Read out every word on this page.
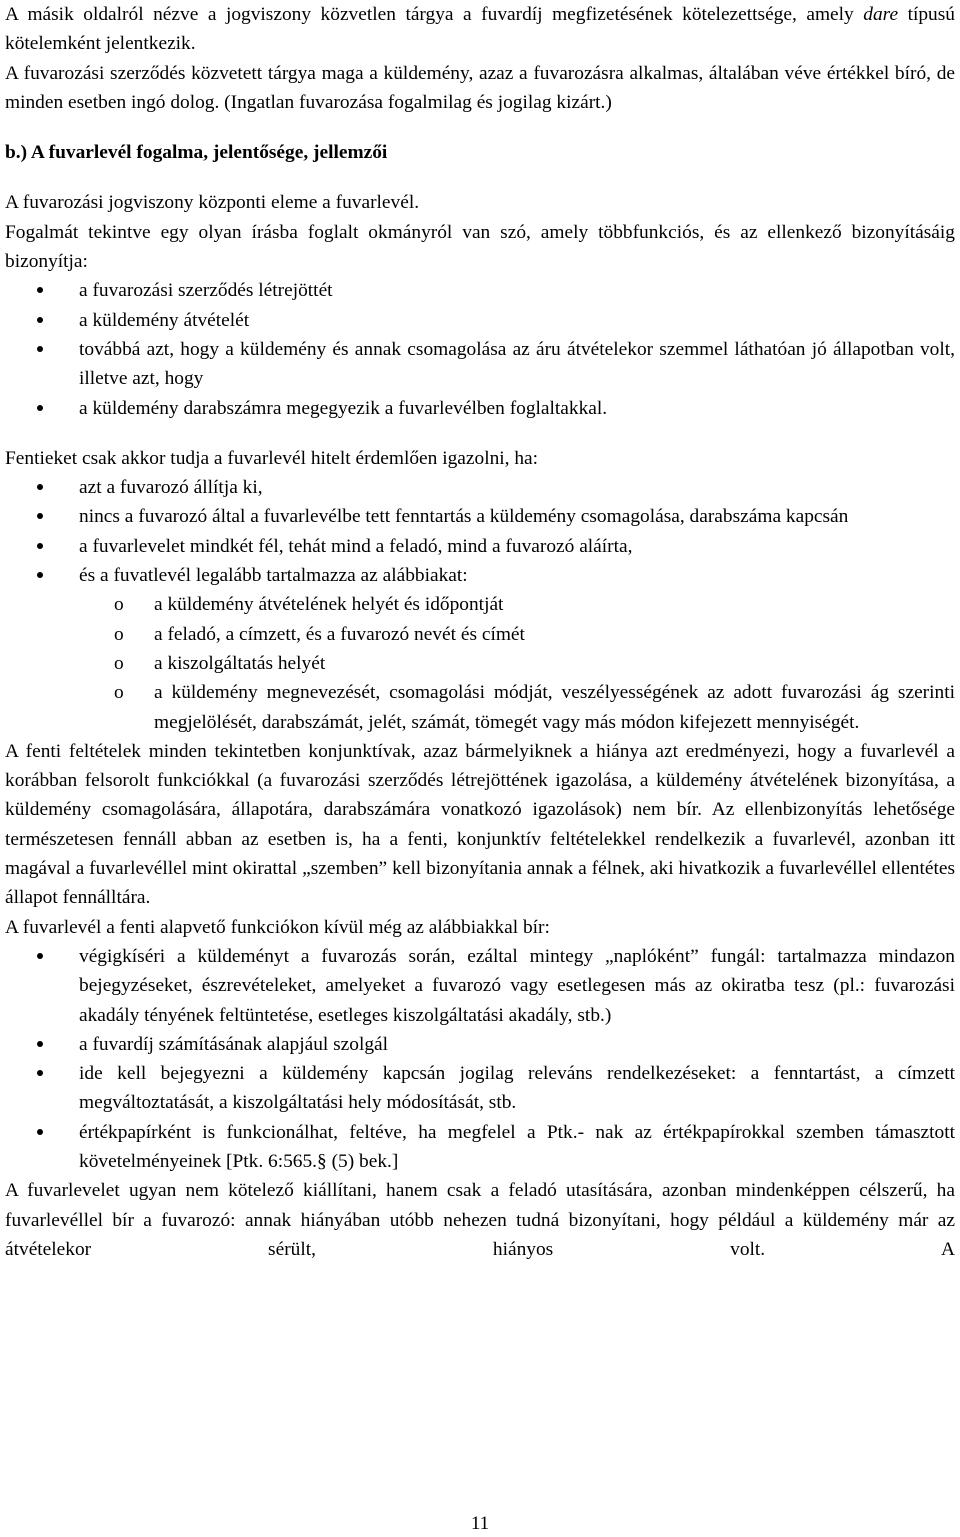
A másik oldalról nézve a jogviszony közvetlen tárgya a fuvardíj megfizetésének kötelezettsége, amely dare típusú kötelemként jelentkezik.

A fuvarozási szerződés közvetett tárgya maga a küldemény, azaz a fuvarozásra alkalmas, általában véve értékkel bíró, de minden esetben ingó dolog. (Ingatlan fuvarozása fogalmilag és jogilag kizárt.)

b.) A fuvarlevél fogalma, jelentősége, jellemzői

A fuvarozási jogviszony központi eleme a fuvarlevél.

Fogalmát tekintve egy olyan írásba foglalt okmányról van szó, amely többfunkciós, és az ellenkező bizonyításáig bizonyítja:

a fuvarozási szerződés létrejöttét
a küldemény átvételét
továbbá azt, hogy a küldemény és annak csomagolása az áru átvételekor szemmel láthatóan jó állapotban volt, illetve azt, hogy
a küldemény darabszámra megegyezik a fuvarlevélben foglaltakkal.

Fentieket csak akkor tudja a fuvarlevél hitelt érdemlően igazolni, ha:

azt a fuvarozó állítja ki,
nincs a fuvarozó által a fuvarlevélbe tett fenntartás a küldemény csomagolása, darabszáma kapcsán
a fuvarlevelet mindkét fél, tehát mind a feladó, mind a fuvarozó aláírta,
és a fuvatlevél legalább tartalmazza az alábbiakat:
o a küldemény átvételének helyét és időpontját
o a feladó, a címzett, és a fuvarozó nevét és címét
o a kiszolgáltatás helyét
o a küldemény megnevezését, csomagolási módját, veszélyességének az adott fuvarozási ág szerinti megjelölését, darabszámát, jelét, számát, tömegét vagy más módon kifejezett mennyiségét.

A fenti feltételek minden tekintetben konjunktívak, azaz bármelyiknek a hiánya azt eredményezi, hogy a fuvarlevél a korábban felsorolt funkciókkal (a fuvarozási szerződés létrejöttének igazolása, a küldemény átvételének bizonyítása, a küldemény csomagolására, állapotára, darabszámára vonatkozó igazolások) nem bír. Az ellenbizonyítás lehetősége természetesen fennáll abban az esetben is, ha a fenti, konjunktív feltételekkel rendelkezik a fuvarlevél, azonban itt magával a fuvarlevéllel mint okirattal „szemben” kell bizonyítania annak a félnek, aki hivatkozik a fuvarlevéllel ellentétes állapot fennálltára.

A fuvarlevél a fenti alapvető funkciókon kívül még az alábbiakkal bír:

végigkíséri a küldeményt a fuvarozás során, ezáltal mintegy „naplóként” fungál: tartalmazza mindazon bejegyzéseket, észrevételeket, amelyeket a fuvarozó vagy esetlegesen más az okiratba tesz (pl.: fuvarozási akadály tényének feltüntetése, esetleges kiszolgáltatási akadály, stb.)
a fuvardíj számításának alapjául szolgál
ide kell bejegyezni a küldemény kapcsán jogilag releváns rendelkezéseket: a fenntartást, a címzett megváltoztatását, a kiszolgáltatási hely módosítását, stb.
értékpapírként is funkcionálhat, feltéve, ha megfelel a Ptk.- nak az értékpapírokkal szemben támasztott követelményeinek [Ptk. 6:565.§ (5) bek.]

A fuvarlevelet ugyan nem kötelező kiállítani, hanem csak a feladó utasítására, azonban mindenképpen célszerű, ha fuvarlevéllel bír a fuvarozó: annak hiányában utóbb nehezen tudná bizonyítani, hogy például a küldemény már az átvételekor sérült, hiányos volt. A

11
